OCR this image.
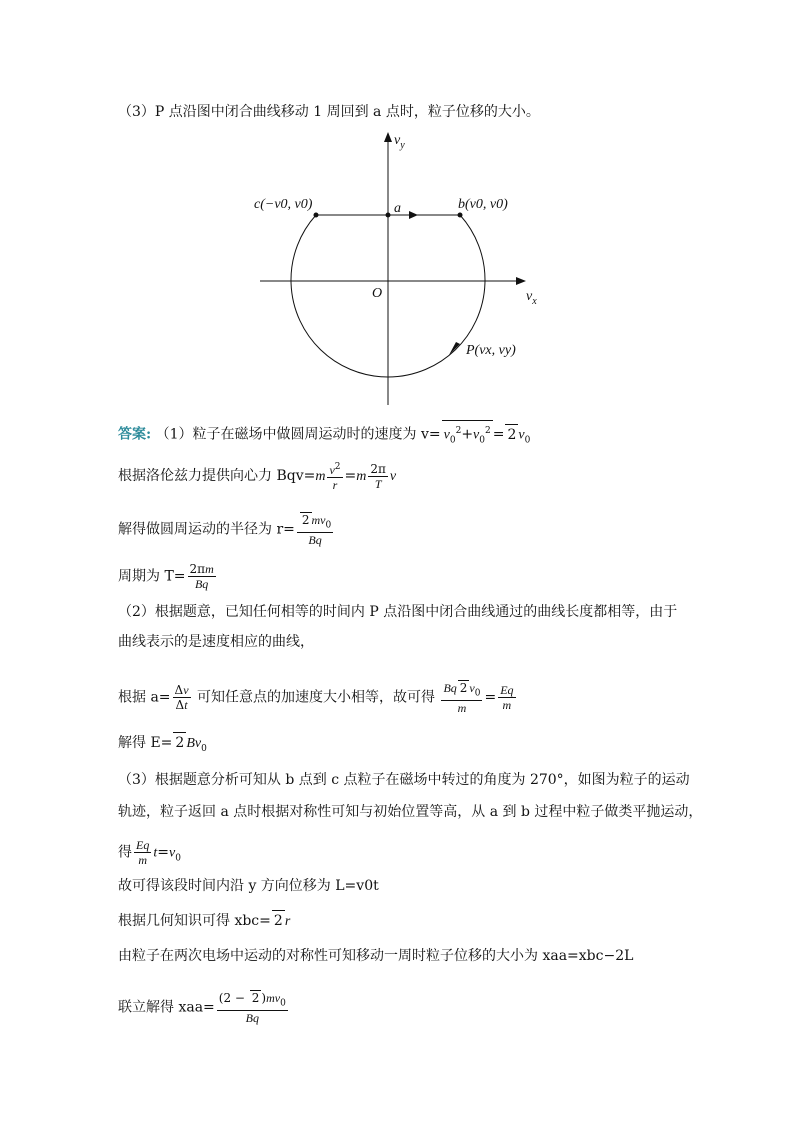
（3）P 点沿图中闭合曲线移动 1 周回到 a 点时，粒子位移的大小。
$v_y$
$v_x$
O
a	b(v0, v0)
c(−v0, v0)
P(vx, vy)
答案: （1）粒子在磁场中做圆周运动时的速度为 $v= v_0^2+v_0^2 = 2$ $v_0$
根据洛伦兹力提供向心力 $Bqv=m \frac{v^2}{r} =m \frac{2\pi}{T}$ v
解得做圆周运动的半径为 $r= \frac{2 mv_0}{Bq}$
周期为 $T= \frac{2\pi m}{Bq}$
（2）根据题意，已知任何相等的时间内 P 点沿图中闭合曲线通过的曲线长度都相等，由于
曲线表示的是速度相应的曲线，
根据 $a= \frac{\Delta v}{\Delta t}$ 可知任意点的加速度大小相等，故可得 $\frac{Bq 2 v_0}{m} = \frac{Eq}{m}$
解得 E= 2 $Bv_0$
（3）根据题意分析可知从 b 点到 c 点粒子在磁场中转过的角度为 270°，如图为粒子的运动
轨迹，粒子返回 a 点时根据对称性可知与初始位置等高，从 a 到 b 过程中粒子做类平抛运动，
得 $\frac{Eq}{m} t=v_0$
故可得该段时间内沿 y 方向位移为 L=v0t
根据几何知识可得 xbc= 2 r
由粒子在两次电场中运动的对称性可知移动一周时粒子位移的大小为 xaa=xbc−2L
联立解得 $xaa= \frac{(2 - 2 )mv_0}{Bq}$
